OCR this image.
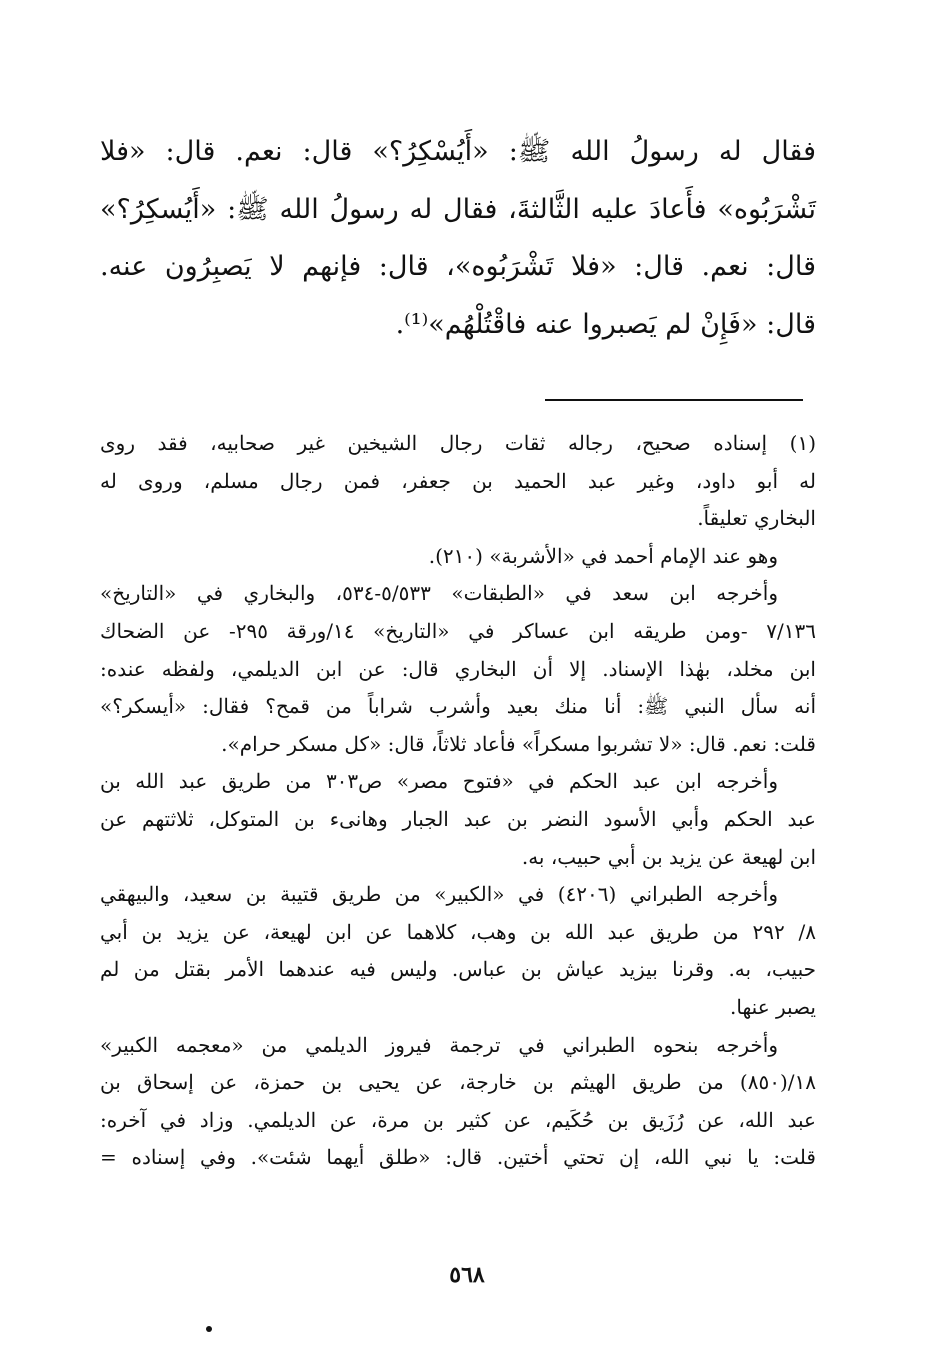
فقال له رسولُ الله ﷺ: «أَيُسْكِرُ؟» قال: نعم. قال: «فلا
تَشْرَبُوه» فأَعادَ عليه الثَّالثةَ، فقال له رسولُ الله ﷺ: «أَيُسكِرُ؟»
قال: نعم. قال: «فلا تَشْرَبُوه»، قال: فإنهم لا يَصبِرُون عنه.
قال: «فَإِنْ لم يَصبروا عنه فاقْتُلْهُم»⁽¹⁾.
(١) إسناده صحيح، رجاله ثقات رجال الشيخين غير صحابيه، فقد روى
له أبو داود، وغير عبد الحميد بن جعفر، فمن رجال مسلم، وروى له
البخاري تعليقاً.
وهو عند الإمام أحمد في «الأشربة» (٢١٠).
وأخرجه ابن سعد في «الطبقات» ٥/٥٣٣-٥٣٤، والبخاري في «التاريخ»
٧/١٣٦ -ومن طريقه ابن عساكر في «التاريخ» ١٤/ورقة ٢٩٥- عن الضحاك
ابن مخلد، بهٰذا الإسناد. إلا أن البخاري قال: عن ابن الديلمي، ولفظه عنده:
أنه سأل النبي ﷺ: أنا منك بعيد وأشرب شراباً من قمح؟ فقال: «أيسكر؟»
قلت: نعم. قال: «لا تشربوا مسكراً» فأعاد ثلاثاً، قال: «كل مسكر حرام».
وأخرجه ابن عبد الحكم في «فتوح مصر» ص٣٠٣ من طريق عبد الله بن
عبد الحكم وأبي الأسود النضر بن عبد الجبار وهانىء بن المتوكل، ثلاثتهم عن
ابن لهيعة عن يزيد بن أبي حبيب، به.
وأخرجه الطبراني (٤٢٠٦) في «الكبير» من طريق قتيبة بن سعيد، والبيهقي
٨/ ٢٩٢ من طريق عبد الله بن وهب، كلاهما عن ابن لهيعة، عن يزيد بن أبي
حبيب، به. وقرنا بيزيد عياش بن عباس. وليس فيه عندهما الأمر بقتل من لم
يصبر عنها.
وأخرجه بنحوه الطبراني في ترجمة فيروز الديلمي من «معجمه الكبير»
١٨/(٨٥٠) من طريق الهيثم بن خارجة، عن يحيى بن حمزة، عن إسحاق بن
عبد الله، عن رُزَيق بن حُكَيم، عن كثير بن مرة، عن الديلمي. وزاد في آخره:
قلت: يا نبي الله، إن تحتي أختين. قال: «طلق أيهما شئت». وفي إسناده =
٥٦٨
